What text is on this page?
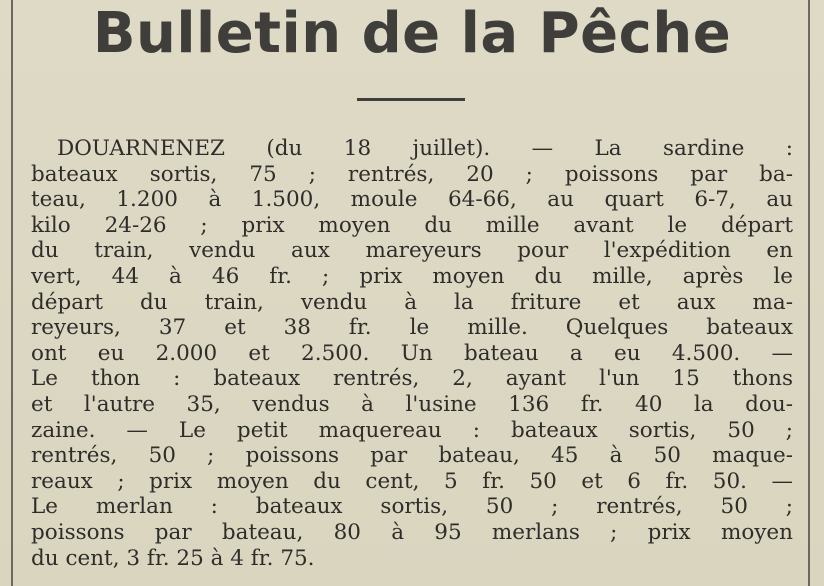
Bulletin de la Pêche
DOUARNENEZ (du 18 juillet). — La sardine :
bateaux sortis, 75 ; rentrés, 20 ; poissons par ba-
teau, 1.200 à 1.500, moule 64-66, au quart 6-7, au
kilo 24-26 ; prix moyen du mille avant le départ
du train, vendu aux mareyeurs pour l'expédition en
vert, 44 à 46 fr. ; prix moyen du mille, après le
départ du train, vendu à la friture et aux ma-
reyeurs, 37 et 38 fr. le mille. Quelques bateaux
ont eu 2.000 et 2.500. Un bateau a eu 4.500. —
Le thon : bateaux rentrés, 2, ayant l'un 15 thons
et l'autre 35, vendus à l'usine 136 fr. 40 la dou-
zaine. — Le petit maquereau : bateaux sortis, 50 ;
rentrés, 50 ; poissons par bateau, 45 à 50 maque-
reaux ; prix moyen du cent, 5 fr. 50 et 6 fr. 50. —
Le merlan : bateaux sortis, 50 ; rentrés, 50 ;
poissons par bateau, 80 à 95 merlans ; prix moyen
du cent, 3 fr. 25 à 4 fr. 75.
